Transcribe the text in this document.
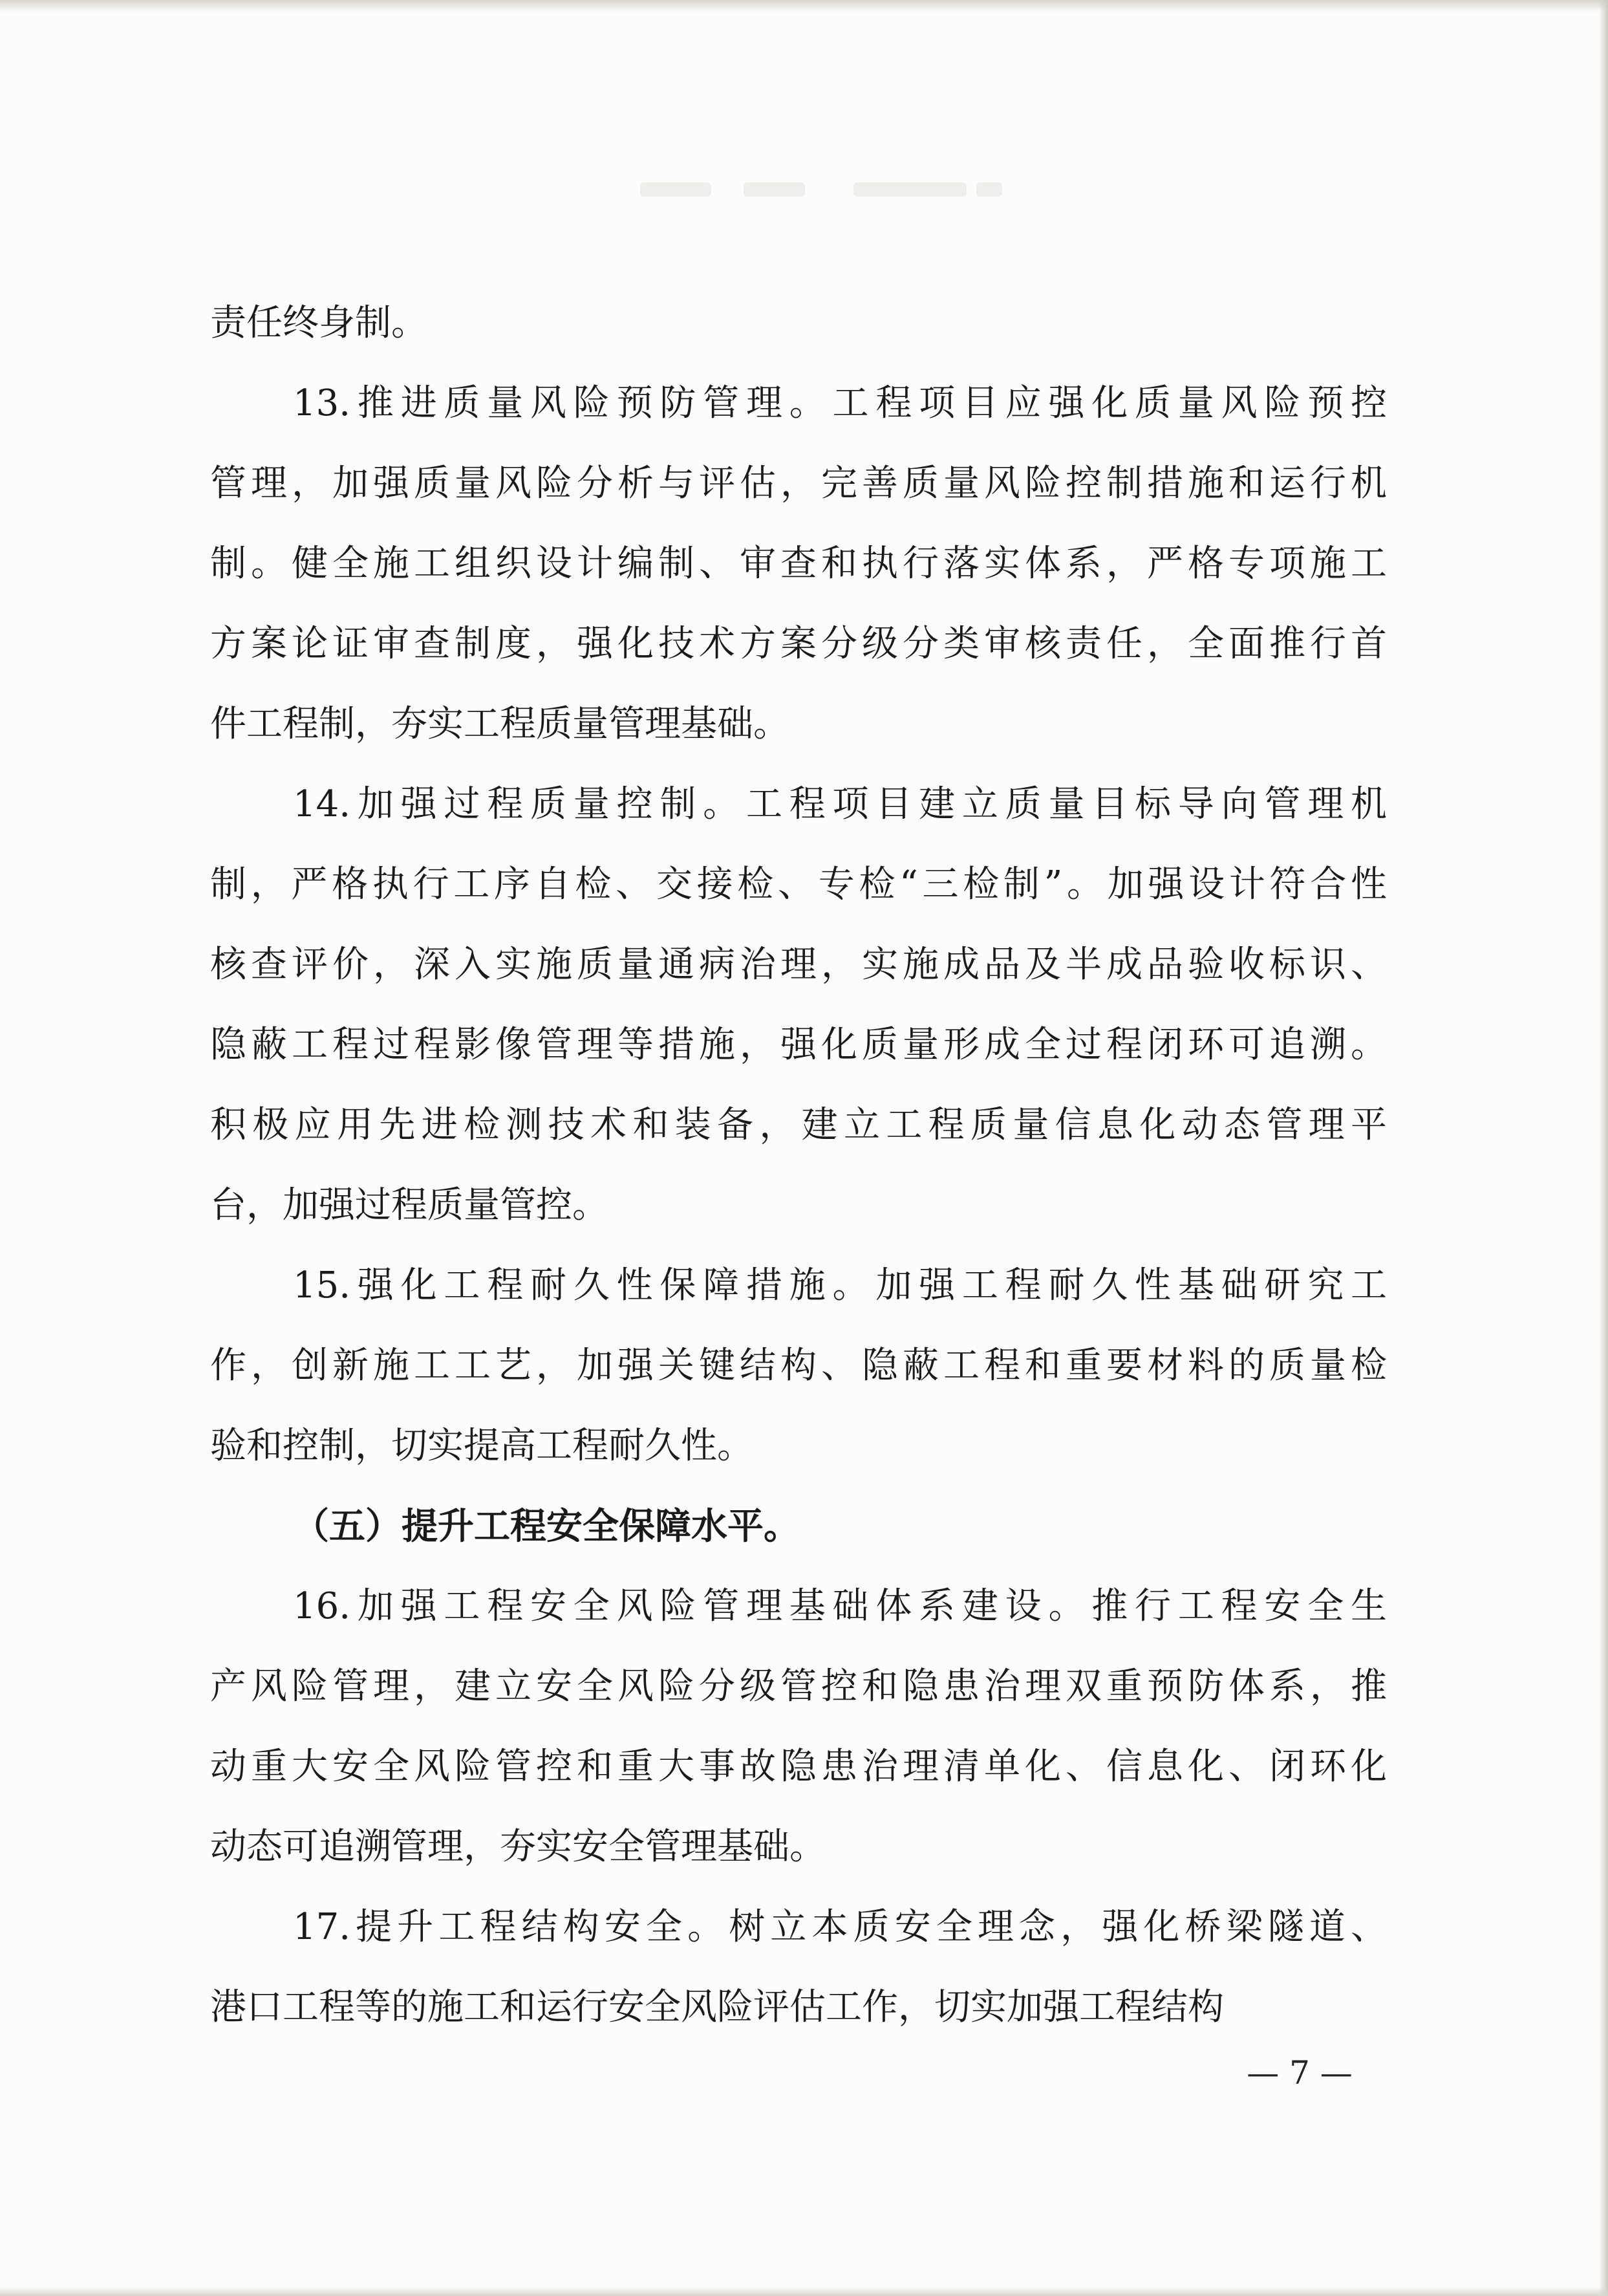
责任终身制。
13.推进质量风险预防管理。工程项目应强化质量风险预控
管理，加强质量风险分析与评估，完善质量风险控制措施和运行机
制。健全施工组织设计编制、审查和执行落实体系，严格专项施工
方案论证审查制度，强化技术方案分级分类审核责任，全面推行首
件工程制，夯实工程质量管理基础。
14.加强过程质量控制。工程项目建立质量目标导向管理机
制，严格执行工序自检、交接检、专检“三检制”。加强设计符合性
核查评价，深入实施质量通病治理，实施成品及半成品验收标识、
隐蔽工程过程影像管理等措施，强化质量形成全过程闭环可追溯。
积极应用先进检测技术和装备，建立工程质量信息化动态管理平
台，加强过程质量管控。
15.强化工程耐久性保障措施。加强工程耐久性基础研究工
作，创新施工工艺，加强关键结构、隐蔽工程和重要材料的质量检
验和控制，切实提高工程耐久性。
（五）提升工程安全保障水平。
16.加强工程安全风险管理基础体系建设。推行工程安全生
产风险管理，建立安全风险分级管控和隐患治理双重预防体系，推
动重大安全风险管控和重大事故隐患治理清单化、信息化、闭环化
动态可追溯管理，夯实安全管理基础。
17.提升工程结构安全。树立本质安全理念，强化桥梁隧道、
港口工程等的施工和运行安全风险评估工作，切实加强工程结构
— 7 —
